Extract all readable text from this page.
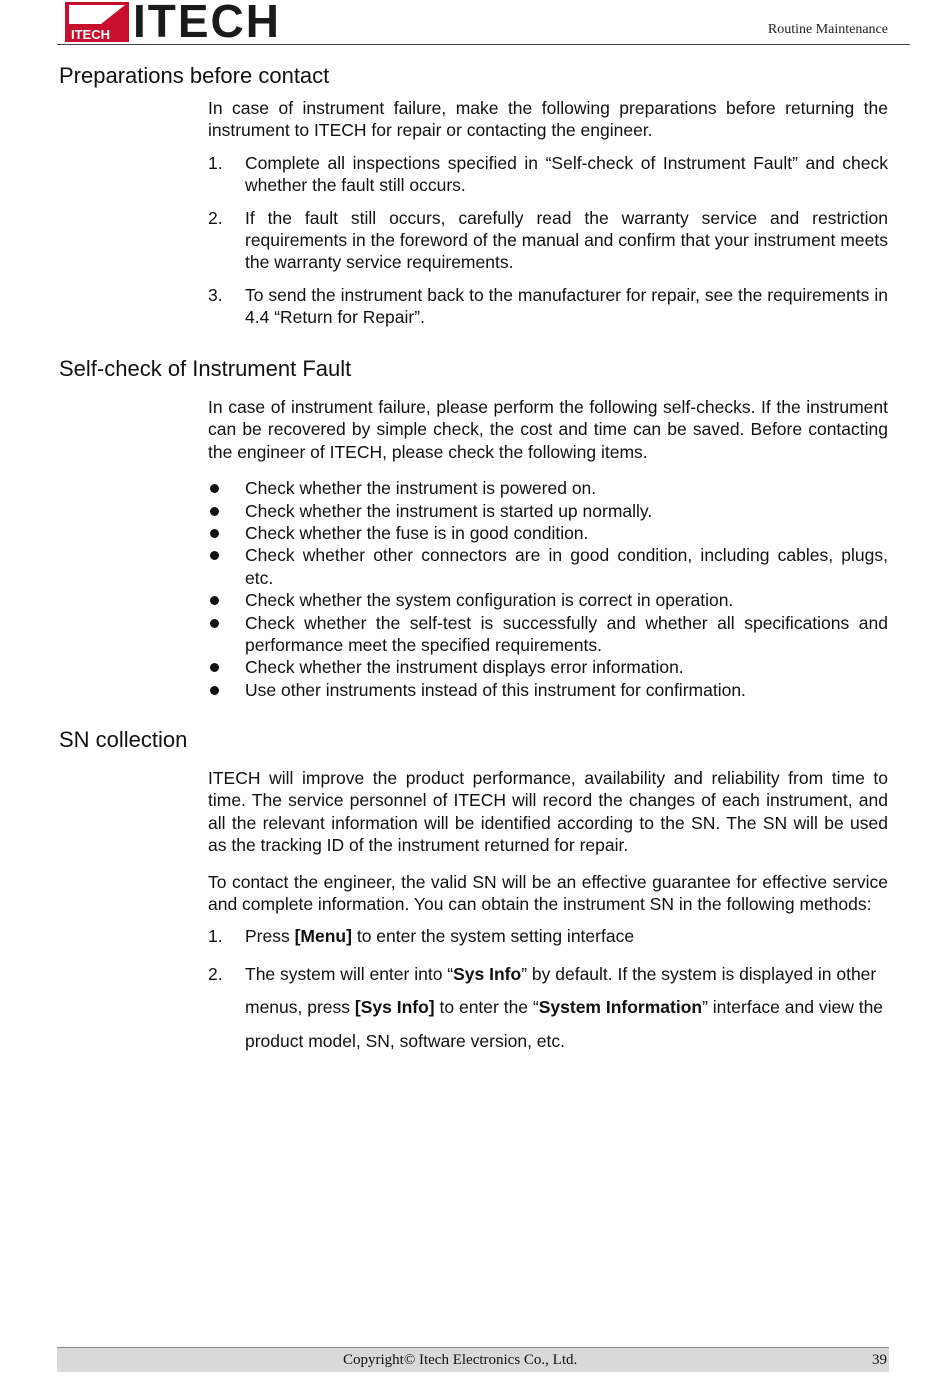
ITECH ITECH	Routine Maintenance
Preparations before contact

In case of instrument failure, make the following preparations before returning the instrument to ITECH for repair or contacting the engineer.

1. Complete all inspections specified in “Self-check of Instrument Fault” and check whether the fault still occurs.
2. If the fault still occurs, carefully read the warranty service and restriction requirements in the foreword of the manual and confirm that your instrument meets the warranty service requirements.
3. To send the instrument back to the manufacturer for repair, see the requirements in 4.4 “Return for Repair”.
Self-check of Instrument Fault

In case of instrument failure, please perform the following self-checks. If the instrument can be recovered by simple check, the cost and time can be saved. Before contacting the engineer of ITECH, please check the following items.

Check whether the instrument is powered on.
Check whether the instrument is started up normally.
Check whether the fuse is in good condition.
Check whether other connectors are in good condition, including cables, plugs, etc.
Check whether the system configuration is correct in operation.
Check whether the self-test is successfully and whether all specifications and performance meet the specified requirements.
Check whether the instrument displays error information.
Use other instruments instead of this instrument for confirmation.
SN collection

ITECH will improve the product performance, availability and reliability from time to time. The service personnel of ITECH will record the changes of each instrument, and all the relevant information will be identified according to the SN. The SN will be used as the tracking ID of the instrument returned for repair.

To contact the engineer, the valid SN will be an effective guarantee for effective service and complete information. You can obtain the instrument SN in the following methods:

1. Press [Menu] to enter the system setting interface
2. The system will enter into “Sys Info” by default. If the system is displayed in other menus, press [Sys Info] to enter the “System Information” interface and view the product model, SN, software version, etc.
Copyright© Itech Electronics Co., Ltd.	39
